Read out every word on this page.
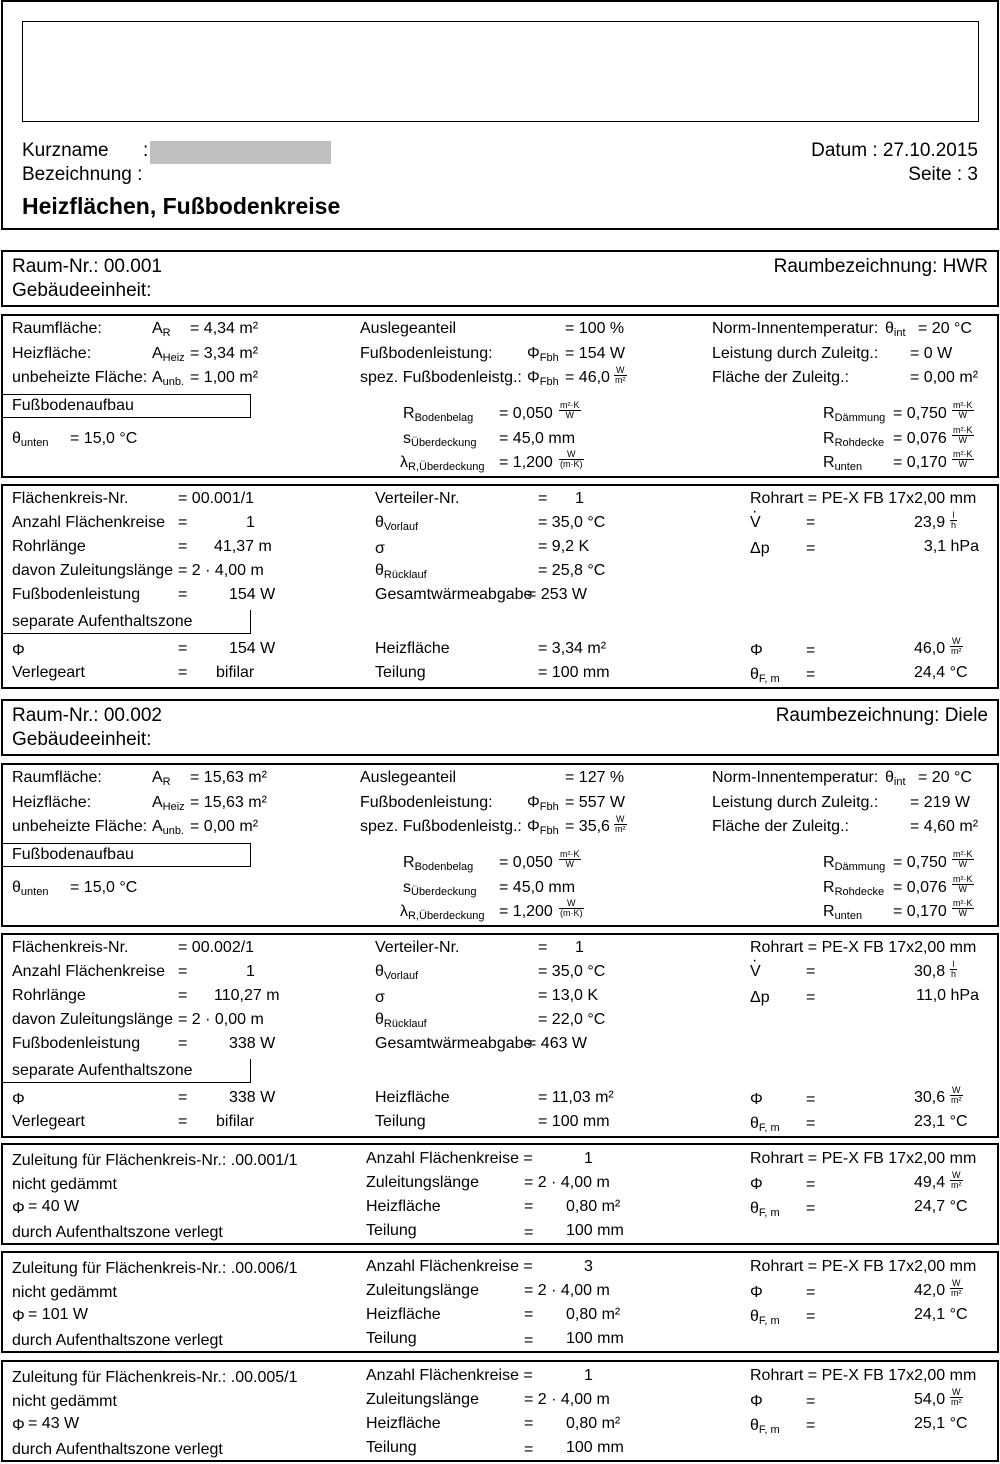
Kurzname :
Bezeichnung :
Datum : 27.10.2015
Seite : 3
Heizflächen, Fußbodenkreise
Raum-Nr.: 00.001	Raumbezeichnung: HWR
Gebäudeeinheit:
Raumfläche:	$A_R = 4,34$ m²
Heizfläche:	$A_{Heiz} = 3,34$ m²
unbeheizte Fläche: $A_{unb.} = 1,00$ m²
Auslegeanteil	= 100 %
Fußbodenleistung: $\Phi_{Fbh} = 154$ W
spez. Fußbodenleistg.: $\Phi_{Fbh} = 46,0 \frac{W}{\text{m²}}$
Norm-Innentemperatur: $\theta_{int} = 20$ °C
Leistung durch Zuleitg.: = 0 W
Fläche der Zuleitg.:	= 0,00 m²
Fußbodenaufbau
$\theta_{unten} = 15,0$ °C
$R_{Bodenbelag} = 0,050 \frac{\text{m²·K}}{W}$
$s_{Überdeckung} = 45,0$ mm
$\lambda_{R,Überdeckung} = 1,200 \frac{W}{(m\cdot K)}$
$R_{Dämmung} = 0,750 \frac{\text{m²·K}}{W}$
$R_{Rohdecke} = 0,076 \frac{\text{m²·K}}{W}$
$R_{unten} = 0,170 \frac{\text{m²·K}}{W}$
Flächenkreis-Nr.	= 00.001/1
Anzahl Flächenkreise =	1
Rohrlänge	= 41,37 m
davon Zuleitungslänge = 2 · 4,00 m
Fußbodenleistung =	154 W
Verteiler-Nr.	= 1
$\theta_{Vorlauf}$	= 35,0 °C
σ	= 9,2 K
$\theta_{Rücklauf}$	= 25,8 °C
Gesamtwärmeabgabe
= 253 W
Rohrart = PE-X FB 17x2,00 mm
· V	=	$23,9 \frac{l}{h}$
Δp =	3,1 hPa
separate Aufenthaltszone
Φ	=	154 W
Verlegeart	= bifilar
Heizfläche	= 3,34 m²
Teilung	= 100 mm
Φ	=	$46,0 \frac{W}{\text{m²}}$
$\theta_{F, m}$ =	24,4 °C
Raum-Nr.: 00.002	Raumbezeichnung: Diele
Gebäudeeinheit:
Raumfläche:	$A_R = 15,63$ m²
Heizfläche:	$A_{Heiz} = 15,63$ m²
unbeheizte Fläche: $A_{unb.} = 0,00$ m²
Auslegeanteil	= 127 %
Fußbodenleistung: $\Phi_{Fbh} = 557$ W
spez. Fußbodenleistg.: $\Phi_{Fbh} = 35,6 \frac{W}{\text{m²}}$
Norm-Innentemperatur: $\theta_{int} = 20$ °C
Leistung durch Zuleitg.: = 219 W
Fläche der Zuleitg.:	= 4,60 m²
Fußbodenaufbau
$\theta_{unten} = 15,0$ °C
$R_{Bodenbelag} = 0,050 \frac{\text{m²·K}}{W}$
$s_{Überdeckung} = 45,0$ mm
$\lambda_{R,Überdeckung} = 1,200 \frac{W}{(m\cdot K)}$
$R_{Dämmung} = 0,750 \frac{\text{m²·K}}{W}$
$R_{Rohdecke} = 0,076 \frac{\text{m²·K}}{W}$
$R_{unten} = 0,170 \frac{\text{m²·K}}{W}$
Flächenkreis-Nr.	= 00.002/1
Anzahl Flächenkreise =	1
Rohrlänge	= 110,27 m
davon Zuleitungslänge = 2 · 0,00 m
Fußbodenleistung =	338 W
Verteiler-Nr.	= 1
$\theta_{Vorlauf}$	= 35,0 °C
σ	= 13,0 K
$\theta_{Rücklauf}$	= 22,0 °C
Gesamtwärmeabgabe
= 463 W
Rohrart = PE-X FB 17x2,00 mm
· V	=	$30,8 \frac{l}{h}$
Δp =	11,0 hPa
separate Aufenthaltszone
Φ	=	338 W
Verlegeart	= bifilar
Heizfläche	= 11,03 m²
Teilung	= 100 mm
Φ	=	$30,6 \frac{W}{\text{m²}}$
$\theta_{F, m}$ =	23,1 °C
Zuleitung für Flächenkreis-Nr.: .00.001/1
nicht gedämmt
Φ = 40 W
durch Aufenthaltszone verlegt
Anzahl Flächenkreise =	1
Zuleitungslänge	= 2 · 4,00 m
Heizfläche	= 0,80 m²
Teilung	= 100 mm
Rohrart = PE-X FB 17x2,00 mm
Φ	=	$49,4 \frac{W}{\text{m²}}$
$\theta_{F, m}$ =	24,7 °C
Zuleitung für Flächenkreis-Nr.: .00.006/1
nicht gedämmt
Φ = 101 W
durch Aufenthaltszone verlegt
Anzahl Flächenkreise =	3
Zuleitungslänge	= 2 · 4,00 m
Heizfläche	= 0,80 m²
Teilung	= 100 mm
Rohrart = PE-X FB 17x2,00 mm
Φ	=	$42,0 \frac{W}{\text{m²}}$
$\theta_{F, m}$ =	24,1 °C
Zuleitung für Flächenkreis-Nr.: .00.005/1
nicht gedämmt
Φ = 43 W
durch Aufenthaltszone verlegt
Anzahl Flächenkreise =	1
Zuleitungslänge	= 2 · 4,00 m
Heizfläche	= 0,80 m²
Teilung	= 100 mm
Rohrart = PE-X FB 17x2,00 mm
Φ	=	$54,0 \frac{W}{\text{m²}}$
$\theta_{F, m}$ =	25,1 °C
